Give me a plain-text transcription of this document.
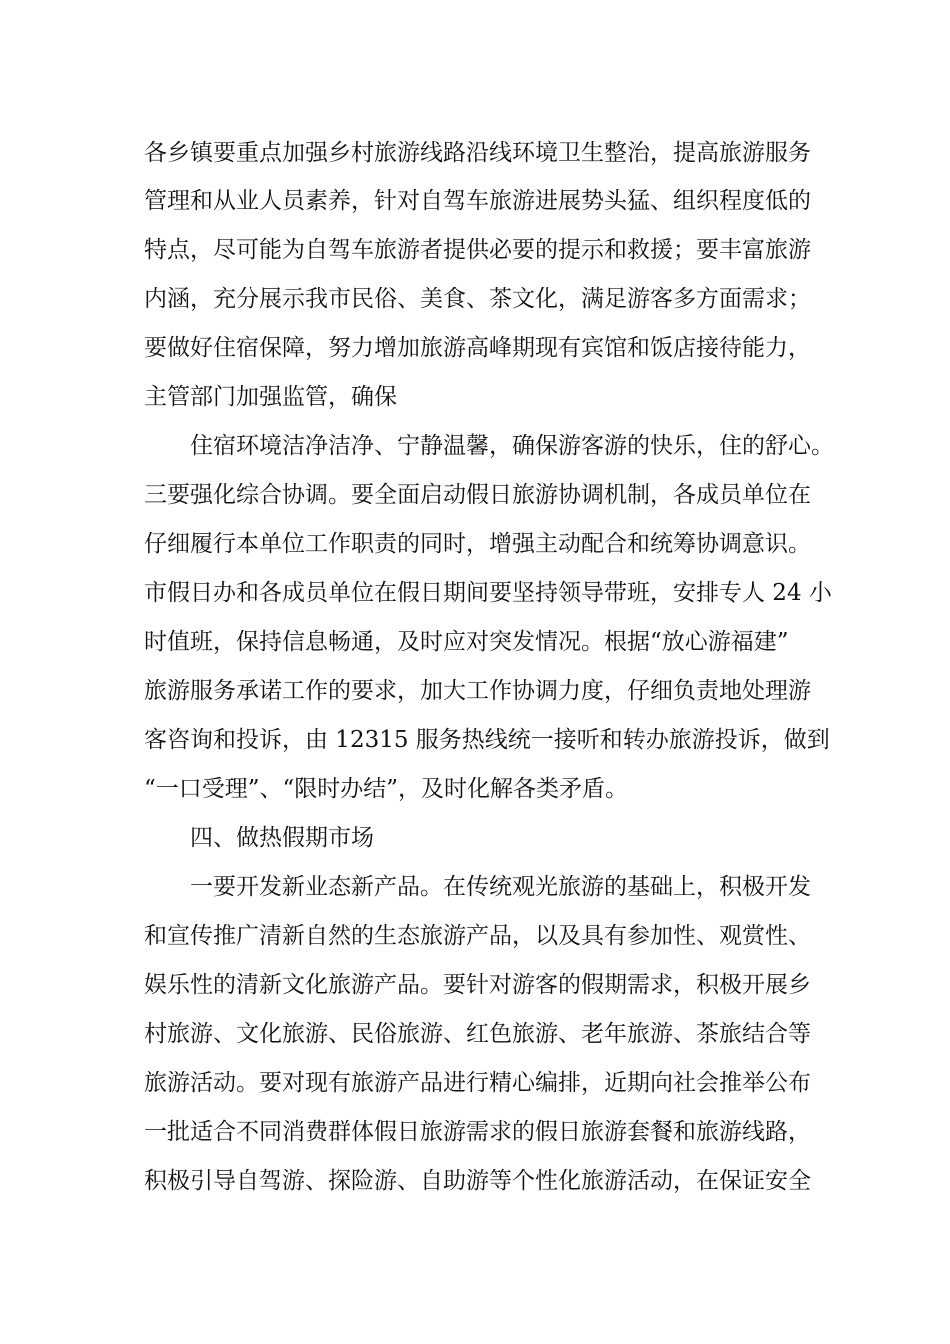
各乡镇要重点加强乡村旅游线路沿线环境卫生整治，提高旅游服务
管理和从业人员素养，针对自驾车旅游进展势头猛、组织程度低的
特点，尽可能为自驾车旅游者提供必要的提示和救援；要丰富旅游
内涵，充分展示我市民俗、美食、茶文化，满足游客多方面需求；
要做好住宿保障，努力增加旅游高峰期现有宾馆和饭店接待能力，
主管部门加强监管，确保
住宿环境洁净洁净、宁静温馨，确保游客游的快乐，住的舒心。
三要强化综合协调。要全面启动假日旅游协调机制，各成员单位在
仔细履行本单位工作职责的同时，增强主动配合和统筹协调意识。
市假日办和各成员单位在假日期间要坚持领导带班，安排专人 24 小
时值班，保持信息畅通，及时应对突发情况。根据“放心游福建”
旅游服务承诺工作的要求，加大工作协调力度，仔细负责地处理游
客咨询和投诉，由 12315 服务热线统一接听和转办旅游投诉，做到
“一口受理”、“限时办结”，及时化解各类矛盾。
四、做热假期市场
一要开发新业态新产品。在传统观光旅游的基础上，积极开发
和宣传推广清新自然的生态旅游产品，以及具有参加性、观赏性、
娱乐性的清新文化旅游产品。要针对游客的假期需求，积极开展乡
村旅游、文化旅游、民俗旅游、红色旅游、老年旅游、茶旅结合等
旅游活动。要对现有旅游产品进行精心编排，近期向社会推举公布
一批适合不同消费群体假日旅游需求的假日旅游套餐和旅游线路，
积极引导自驾游、探险游、自助游等个性化旅游活动，在保证安全
